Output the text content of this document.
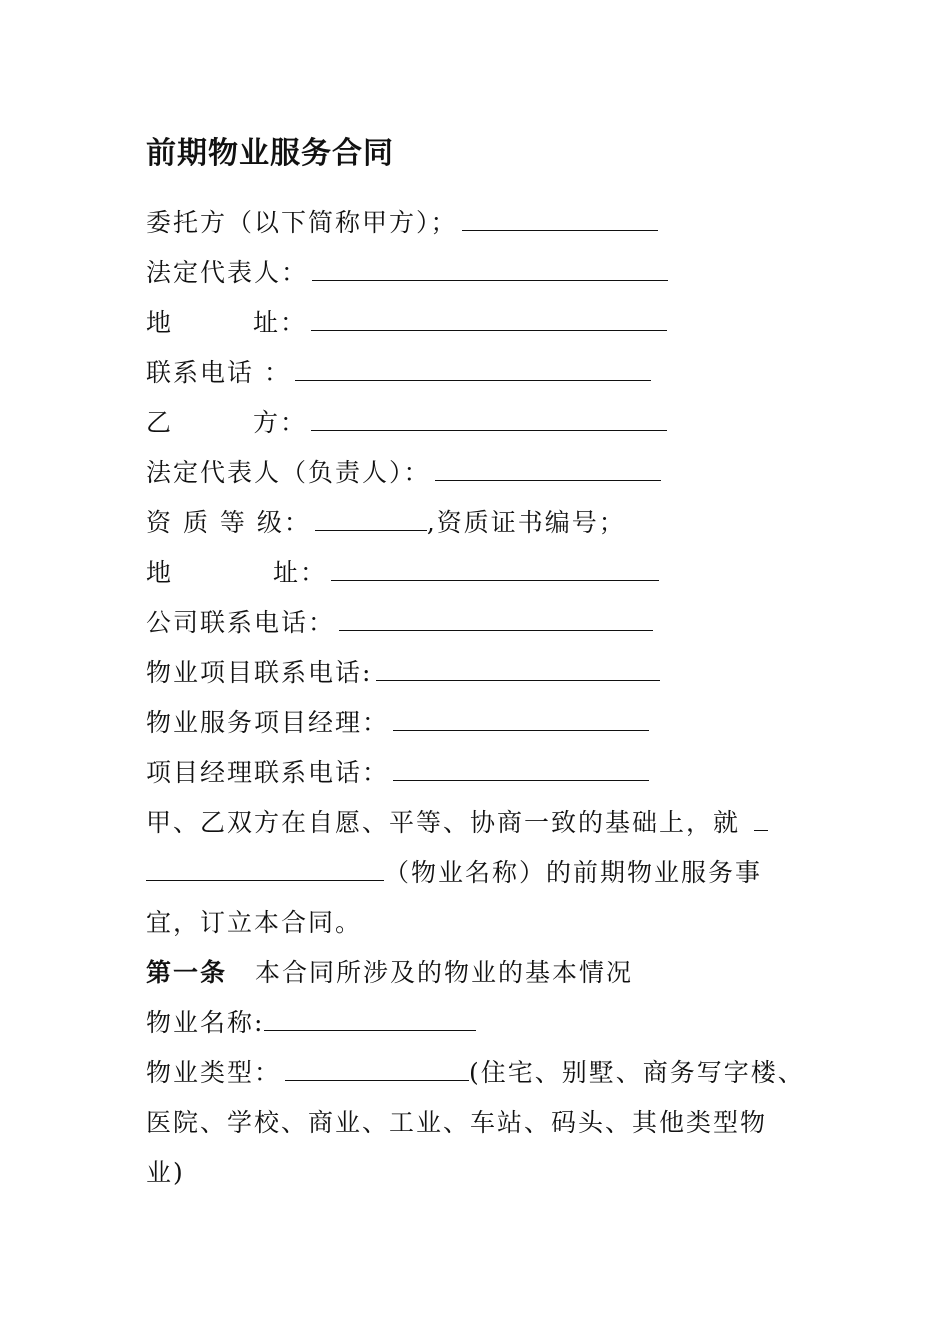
前期物业服务合同
委托方（以下简称甲方）；
法定代表人：
地	址：
联系电话 ：
乙	方：
法定代表人（负责人）：
资 质 等 级：	,资质证书编号；
地	址：
公司联系电话：
物业项目联系电话:
物业服务项目经理：
项目经理联系电话：
甲、乙双方在自愿、平等、协商一致的基础上，就
（物业名称）的前期物业服务事
宜，订立本合同。
第一条 本合同所涉及的物业的基本情况
物业名称:
物业类型：	(住宅、别墅、商务写字楼、
医院、学校、商业、工业、车站、码头、其他类型物
业)
